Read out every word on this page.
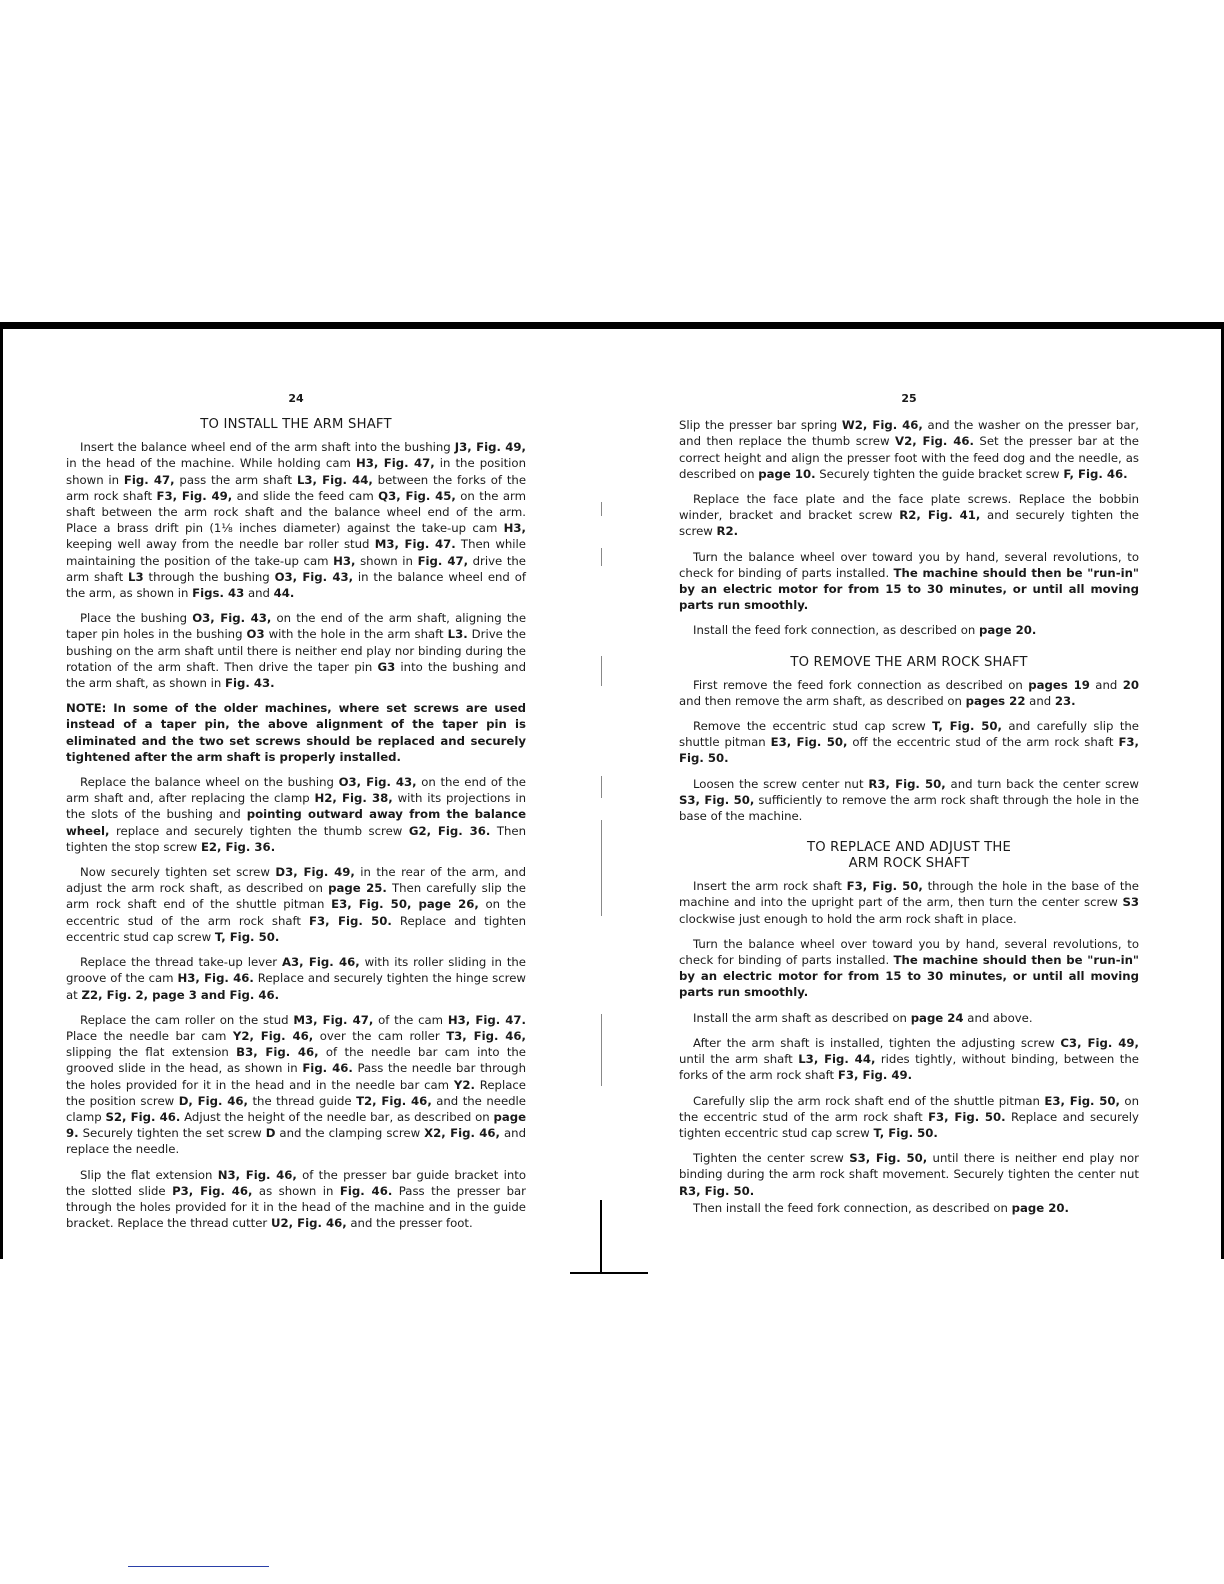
24
TO INSTALL THE ARM SHAFT

Insert the balance wheel end of the arm shaft into the bushing J3, Fig. 49, in the head of the machine. While holding cam H3, Fig. 47, in the position shown in Fig. 47, pass the arm shaft L3, Fig. 44, between the forks of the arm rock shaft F3, Fig. 49, and slide the feed cam Q3, Fig. 45, on the arm shaft between the arm rock shaft and the balance wheel end of the arm. Place a brass drift pin (1⅛ inches diameter) against the take-up cam H3, keeping well away from the needle bar roller stud M3, Fig. 47. Then while maintaining the position of the take-up cam H3, shown in Fig. 47, drive the arm shaft L3 through the bushing O3, Fig. 43, in the balance wheel end of the arm, as shown in Figs. 43 and 44.

Place the bushing O3, Fig. 43, on the end of the arm shaft, aligning the taper pin holes in the bushing O3 with the hole in the arm shaft L3. Drive the bushing on the arm shaft until there is neither end play nor binding during the rotation of the arm shaft. Then drive the taper pin G3 into the bushing and the arm shaft, as shown in Fig. 43.

NOTE: In some of the older machines, where set screws are used instead of a taper pin, the above alignment of the taper pin is eliminated and the two set screws should be replaced and securely tightened after the arm shaft is properly installed.

Replace the balance wheel on the bushing O3, Fig. 43, on the end of the arm shaft and, after replacing the clamp H2, Fig. 38, with its projections in the slots of the bushing and pointing outward away from the balance wheel, replace and securely tighten the thumb screw G2, Fig. 36. Then tighten the stop screw E2, Fig. 36.

Now securely tighten set screw D3, Fig. 49, in the rear of the arm, and adjust the arm rock shaft, as described on page 25. Then carefully slip the arm rock shaft end of the shuttle pitman E3, Fig. 50, page 26, on the eccentric stud of the arm rock shaft F3, Fig. 50. Replace and tighten eccentric stud cap screw T, Fig. 50.

Replace the thread take-up lever A3, Fig. 46, with its roller sliding in the groove of the cam H3, Fig. 46. Replace and securely tighten the hinge screw at Z2, Fig. 2, page 3 and Fig. 46.

Replace the cam roller on the stud M3, Fig. 47, of the cam H3, Fig. 47. Place the needle bar cam Y2, Fig. 46, over the cam roller T3, Fig. 46, slipping the flat extension B3, Fig. 46, of the needle bar cam into the grooved slide in the head, as shown in Fig. 46. Pass the needle bar through the holes provided for it in the head and in the needle bar cam Y2. Replace the position screw D, Fig. 46, the thread guide T2, Fig. 46, and the needle clamp S2, Fig. 46. Adjust the height of the needle bar, as described on page 9. Securely tighten the set screw D and the clamping screw X2, Fig. 46, and replace the needle.

Slip the flat extension N3, Fig. 46, of the presser bar guide bracket into the slotted slide P3, Fig. 46, as shown in Fig. 46. Pass the presser bar through the holes provided for it in the head of the machine and in the guide bracket. Replace the thread cutter U2, Fig. 46, and the presser foot.

25

Slip the presser bar spring W2, Fig. 46, and the washer on the presser bar, and then replace the thumb screw V2, Fig. 46. Set the presser bar at the correct height and align the presser foot with the feed dog and the needle, as described on page 10. Securely tighten the guide bracket screw F, Fig. 46.

Replace the face plate and the face plate screws. Replace the bobbin winder, bracket and bracket screw R2, Fig. 41, and securely tighten the screw R2.

Turn the balance wheel over toward you by hand, several revolutions, to check for binding of parts installed. The machine should then be "run-in" by an electric motor for from 15 to 30 minutes, or until all moving parts run smoothly.

Install the feed fork connection, as described on page 20.

TO REMOVE THE ARM ROCK SHAFT

First remove the feed fork connection as described on pages 19 and 20 and then remove the arm shaft, as described on pages 22 and 23.

Remove the eccentric stud cap screw T, Fig. 50, and carefully slip the shuttle pitman E3, Fig. 50, off the eccentric stud of the arm rock shaft F3, Fig. 50.

Loosen the screw center nut R3, Fig. 50, and turn back the center screw S3, Fig. 50, sufficiently to remove the arm rock shaft through the hole in the base of the machine.

TO REPLACE AND ADJUST THE
ARM ROCK SHAFT

Insert the arm rock shaft F3, Fig. 50, through the hole in the base of the machine and into the upright part of the arm, then turn the center screw S3 clockwise just enough to hold the arm rock shaft in place.

Turn the balance wheel over toward you by hand, several revolutions, to check for binding of parts installed. The machine should then be "run-in" by an electric motor for from 15 to 30 minutes, or until all moving parts run smoothly.

Install the arm shaft as described on page 24 and above.

After the arm shaft is installed, tighten the adjusting screw C3, Fig. 49, until the arm shaft L3, Fig. 44, rides tightly, without binding, between the forks of the arm rock shaft F3, Fig. 49.

Carefully slip the arm rock shaft end of the shuttle pitman E3, Fig. 50, on the eccentric stud of the arm rock shaft F3, Fig. 50. Replace and securely tighten eccentric stud cap screw T, Fig. 50.

Tighten the center screw S3, Fig. 50, until there is neither end play nor binding during the arm rock shaft movement. Securely tighten the center nut R3, Fig. 50.

Then install the feed fork connection, as described on page 20.
